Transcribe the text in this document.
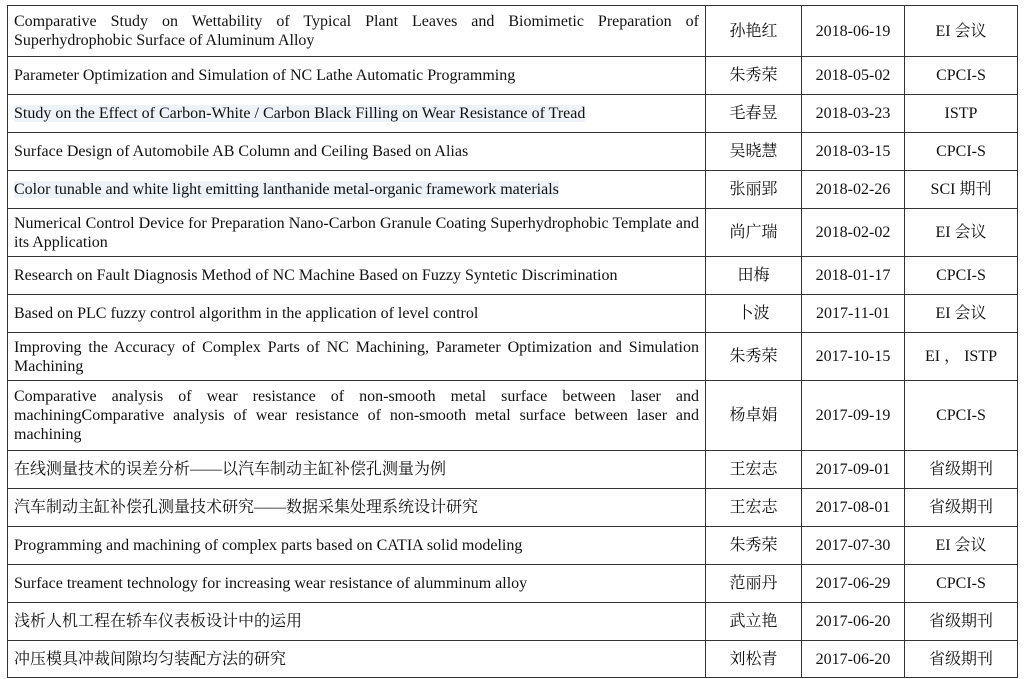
Comparative Study on Wettability of Typical Plant Leaves and Biomimetic Preparation of Superhydrophobic Surface of Aluminum Alloy	孙艳红	2018-06-19	EI 会议
Parameter Optimization and Simulation of NC Lathe Automatic Programming	朱秀荣	2018-05-02	CPCI-S
Study on the Effect of Carbon-White / Carbon Black Filling on Wear Resistance of Tread	毛春昱	2018-03-23	ISTP
Surface Design of Automobile AB Column and Ceiling Based on Alias	吴晓慧	2018-03-15	CPCI-S
Color tunable and white light emitting lanthanide metal-organic framework materials	张丽郢	2018-02-26	SCI 期刊
Numerical Control Device for Preparation Nano-Carbon Granule Coating Superhydrophobic Template and its Application	尚广瑞	2018-02-02	EI 会议
Research on Fault Diagnosis Method of NC Machine Based on Fuzzy Syntetic Discrimination	田梅	2018-01-17	CPCI-S
Based on PLC fuzzy control algorithm in the application of level control	卜波	2017-11-01	EI 会议
Improving the Accuracy of Complex Parts of NC Machining, Parameter Optimization and Simulation Machining	朱秀荣	2017-10-15	EI ， ISTP
Comparative analysis of wear resistance of non-smooth metal surface between laser and machiningComparative analysis of wear resistance of non-smooth metal surface between laser and machining	杨卓娟	2017-09-19	CPCI-S
在线测量技术的误差分析——以汽车制动主缸补偿孔测量为例	王宏志	2017-09-01	省级期刊
汽车制动主缸补偿孔测量技术研究——数据采集处理系统设计研究	王宏志	2017-08-01	省级期刊
Programming and machining of complex parts based on CATIA solid modeling	朱秀荣	2017-07-30	EI 会议
Surface treament technology for increasing wear resistance of alumminum alloy	范丽丹	2017-06-29	CPCI-S
浅析人机工程在轿车仪表板设计中的运用	武立艳	2017-06-20	省级期刊
冲压模具冲裁间隙均匀装配方法的研究	刘松青	2017-06-20	省级期刊
